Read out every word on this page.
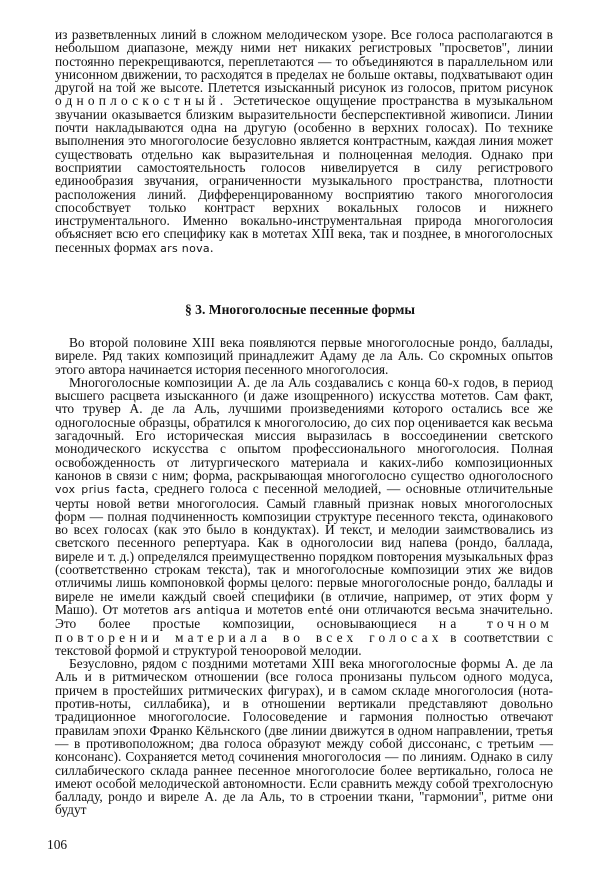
из разветвленных линий в сложном мелодическом узоре. Все голоса располагаются в небольшом диапазоне, между ними нет никаких регистровых ''просветов'', линии постоянно перекрещиваются, переплетаются — то объединяются в параллельном или унисонном движении, то расходятся в пределах не больше октавы, подхватывают один другой на той же высоте. Плетется изысканный рисунок из голосов, притом рисунок одноплоскостный. Эстетическое ощущение пространства в музыкальном звучании оказывается близким выразительности бесперспективной живописи. Линии почти накладываются одна на другую (особенно в верхних голосах). По технике выполнения это многоголосие безусловно является контрастным, каждая линия может существовать отдельно как выразительная и полноценная мелодия. Однако при восприятии самостоятельность голосов нивелируется в силу регистрового единообразия звучания, ограниченности музыкального пространства, плотности расположения линий. Дифференцированному восприятию такого многоголосия способствует только контраст верхних вокальных голосов и нижнего инструментального. Именно вокально-инструментальная природа многоголосия объясняет всю его специфику как в мотетах XIII века, так и позднее, в многоголосных песенных формах ars nova.

§ 3. Многоголосные песенные формы

Во второй половине XIII века появляются первые многоголосные рондо, баллады, виреле. Ряд таких композиций принадлежит Адаму де ла Аль. Со скромных опытов этого автора начинается история песенного многоголосия.

Многоголосные композиции А. де ла Аль создавались с конца 60-х годов, в период высшего расцвета изысканного (и даже изощренного) искусства мотетов. Сам факт, что трувер А. де ла Аль, лучшими произведениями которого остались все же одноголосные образцы, обратился к многоголосию, до сих пор оценивается как весьма загадочный. Его историческая миссия выразилась в воссоединении светского монодического искусства с опытом профессионального многоголосия. Полная освобожденность от литургического материала и каких-либо композиционных канонов в связи с ним; форма, раскрывающая многоголосно существо одноголосного vox prius facta, среднего голоса с песенной мелодией, — основные отличительные черты новой ветви многоголосия. Самый главный признак новых многоголосных форм — полная подчиненность композиции структуре песенного текста, одинакового во всех голосах (как это было в кондуктах). И текст, и мелодии заимствовались из светского песенного репертуара. Как в одноголосии вид напева (рондо, баллада, виреле и т. д.) определялся преимущественно порядком повторения музыкальных фраз (соответственно строкам текста), так и многоголосные композиции этих же видов отличимы лишь компоновкой формы целого: первые многоголосные рондо, баллады и виреле не имели каждый своей специфики (в отличие, например, от этих форм у Машо). От мотетов ars antiqua и мотетов enté они отличаются весьма значительно. Это более простые композиции, основывающиеся на точном повторении материала во всех голосах в соответствии с текстовой формой и структурой тенооровой мелодии.

Безусловно, рядом с поздними мотетами XIII века многоголосные формы А. де ла Аль и в ритмическом отношении (все голоса пронизаны пульсом одного модуса, причем в простейших ритмических фигурах), и в самом складе многоголосия (нота-против-ноты, силлабика), и в отношении вертикали представляют довольно традиционное многоголосие. Голосоведение и гармония полностью отвечают правилам эпохи Франко Кёльнского (две линии движутся в одном направлении, третья — в противоположном; два голоса образуют между собой диссонанс, с третьим — консонанс). Сохраняется метод сочинения многоголосия — по линиям. Однако в силу силлабического склада раннее песенное многоголосие более вертикально, голоса не имеют особой мелодической автономности. Если сравнить между собой трехголосную балладу, рондо и виреле А. де ла Аль, то в строении ткани, ''гармонии'', ритме они будут

106
